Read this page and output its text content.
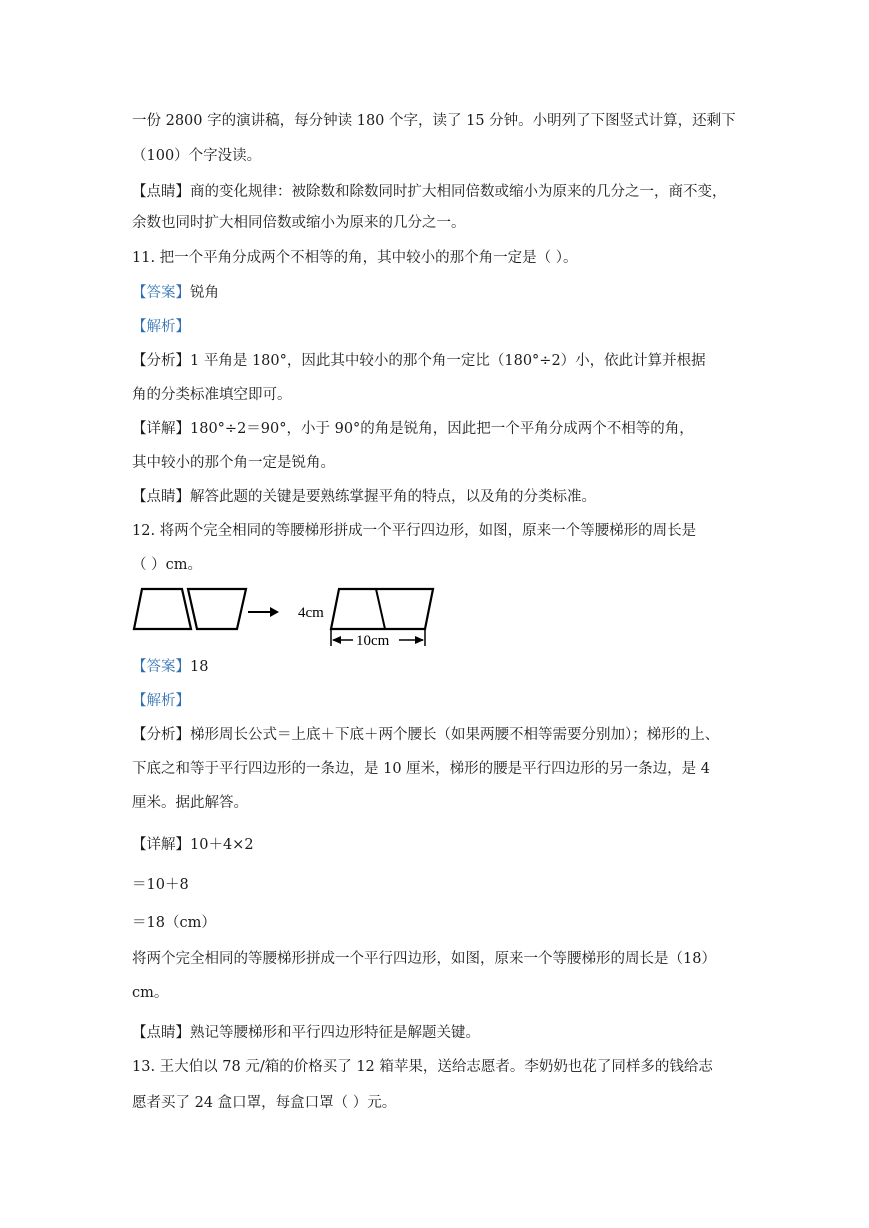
一份 2800 字的演讲稿，每分钟读 180 个字，读了 15 分钟。小明列了下图竖式计算，还剩下
（100）个字没读。
【点睛】商的变化规律：被除数和除数同时扩大相同倍数或缩小为原来的几分之一，商不变，
余数也同时扩大相同倍数或缩小为原来的几分之一。
11. 把一个平角分成两个不相等的角，其中较小的那个角一定是（ ）。
【答案】锐角
【解析】
【分析】1 平角是 180°，因此其中较小的那个角一定比（180°÷2）小，依此计算并根据
角的分类标准填空即可。
【详解】180°÷2＝90°，小于 90°的角是锐角，因此把一个平角分成两个不相等的角，
其中较小的那个角一定是锐角。
【点睛】解答此题的关键是要熟练掌握平角的特点，以及角的分类标准。
12. 将两个完全相同的等腰梯形拼成一个平行四边形，如图，原来一个等腰梯形的周长是
（ ）cm。
【答案】18
【解析】
【分析】梯形周长公式＝上底＋下底＋两个腰长（如果两腰不相等需要分别加）；梯形的上、
下底之和等于平行四边形的一条边，是 10 厘米，梯形的腰是平行四边形的另一条边，是 4
厘米。据此解答。
【详解】10＋4×2
＝10＋8
＝18（cm）
将两个完全相同的等腰梯形拼成一个平行四边形，如图，原来一个等腰梯形的周长是（18）
cm。
【点睛】熟记等腰梯形和平行四边形特征是解题关键。
13. 王大伯以 78 元/箱的价格买了 12 箱苹果，送给志愿者。李奶奶也花了同样多的钱给志
愿者买了 24 盒口罩，每盒口罩（ ）元。
4cm
10cm
